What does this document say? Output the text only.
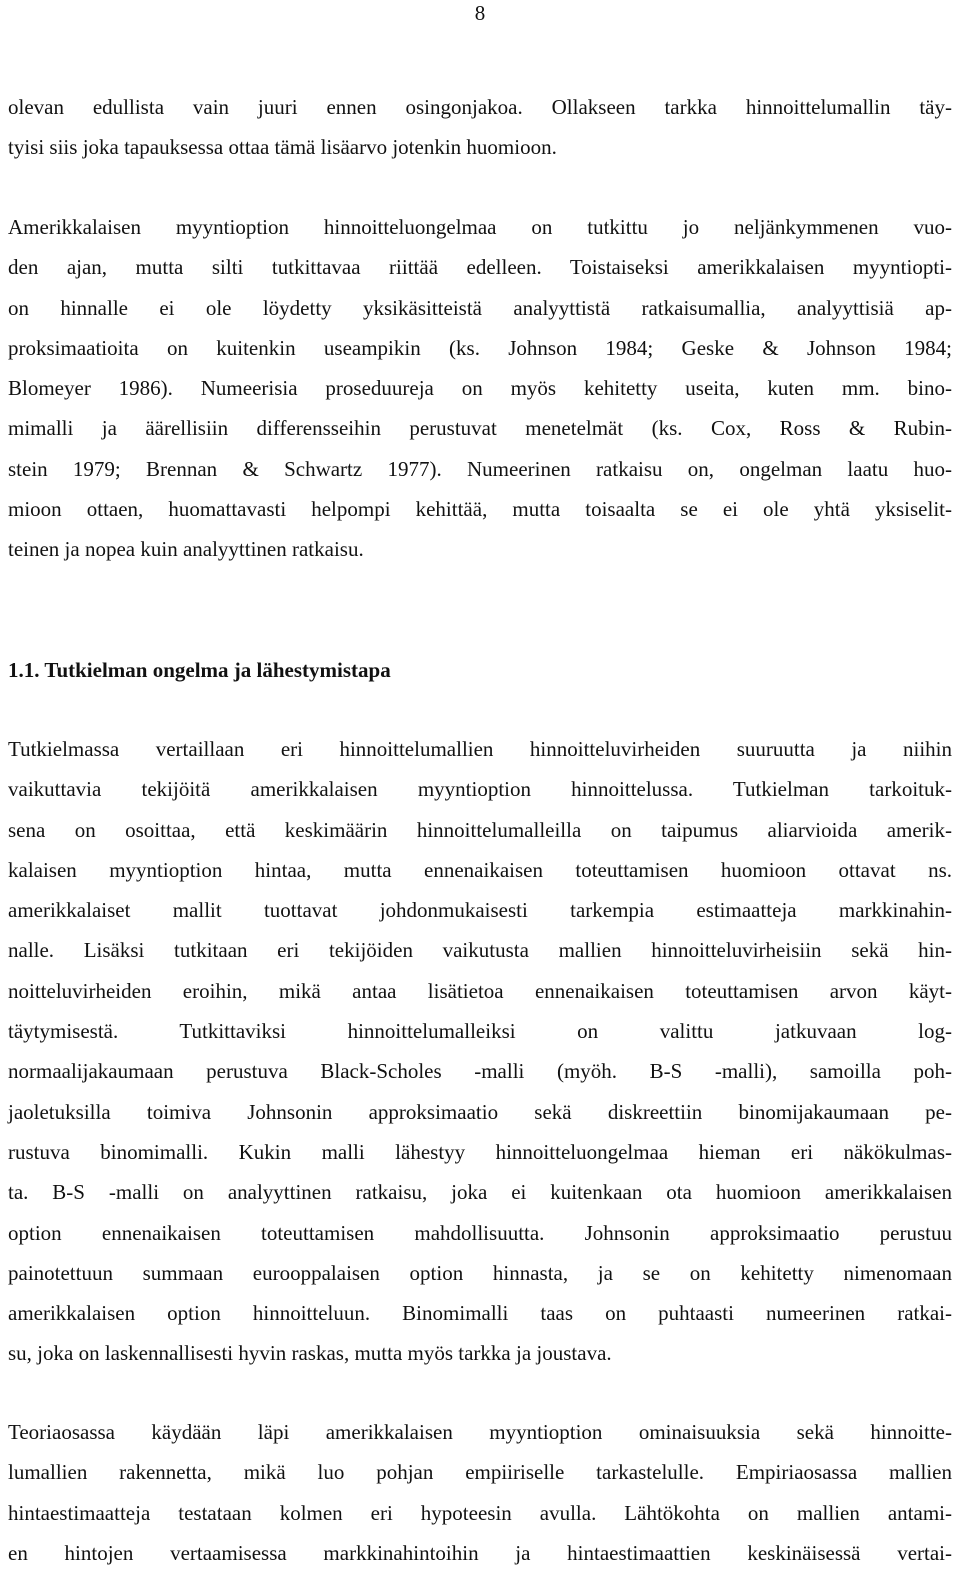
8
olevan edullista vain juuri ennen osingonjakoa. Ollakseen tarkka hinnoittelumallin täy-
tyisi siis joka tapauksessa ottaa tämä lisäarvo jotenkin huomioon.
Amerikkalaisen myyntioption hinnoitteluongelmaa on tutkittu jo neljänkymmenen vuo-
den ajan, mutta silti tutkittavaa riittää edelleen. Toistaiseksi amerikkalaisen myyntiopti-
on hinnalle ei ole löydetty yksikäsitteistä analyyttistä ratkaisumallia, analyyttisiä ap-
proksimaatioita on kuitenkin useampikin (ks. Johnson 1984; Geske & Johnson 1984;
Blomeyer 1986). Numeerisia proseduureja on myös kehitetty useita, kuten mm. bino-
mimalli ja äärellisiin differensseihin perustuvat menetelmät (ks. Cox, Ross & Rubin-
stein 1979; Brennan & Schwartz 1977). Numeerinen ratkaisu on, ongelman laatu huo-
mioon ottaen, huomattavasti helpompi kehittää, mutta toisaalta se ei ole yhtä yksiselit-
teinen ja nopea kuin analyyttinen ratkaisu.
1.1. Tutkielman ongelma ja lähestymistapa
Tutkielmassa vertaillaan eri hinnoittelumallien hinnoitteluvirheiden suuruutta ja niihin
vaikuttavia tekijöitä amerikkalaisen myyntioption hinnoittelussa. Tutkielman tarkoituk-
sena on osoittaa, että keskimäärin hinnoittelumalleilla on taipumus aliarvioida amerik-
kalaisen myyntioption hintaa, mutta ennenaikaisen toteuttamisen huomioon ottavat ns.
amerikkalaiset mallit tuottavat johdonmukaisesti tarkempia estimaatteja markkinahin-
nalle. Lisäksi tutkitaan eri tekijöiden vaikutusta mallien hinnoitteluvirheisiin sekä hin-
noitteluvirheiden eroihin, mikä antaa lisätietoa ennenaikaisen toteuttamisen arvon käyt-
täytymisestä. Tutkittaviksi hinnoittelumalleiksi on valittu jatkuvaan log-
normaalijakaumaan perustuva Black-Scholes -malli (myöh. B-S -malli), samoilla poh-
jaoletuksilla toimiva Johnsonin approksimaatio sekä diskreettiin binomijakaumaan pe-
rustuva binomimalli. Kukin malli lähestyy hinnoitteluongelmaa hieman eri näkökulmas-
ta. B-S -malli on analyyttinen ratkaisu, joka ei kuitenkaan ota huomioon amerikkalaisen
option ennenaikaisen toteuttamisen mahdollisuutta. Johnsonin approksimaatio perustuu
painotettuun summaan eurooppalaisen option hinnasta, ja se on kehitetty nimenomaan
amerikkalaisen option hinnoitteluun. Binomimalli taas on puhtaasti numeerinen ratkai-
su, joka on laskennallisesti hyvin raskas, mutta myös tarkka ja joustava.
Teoriaosassa käydään läpi amerikkalaisen myyntioption ominaisuuksia sekä hinnoitte-
lumallien rakennetta, mikä luo pohjan empiiriselle tarkastelulle. Empiriaosassa mallien
hintaestimaatteja testataan kolmen eri hypoteesin avulla. Lähtökohta on mallien antami-
en hintojen vertaamisessa markkinahintoihin ja hintaestimaattien keskinäisessä vertai-
